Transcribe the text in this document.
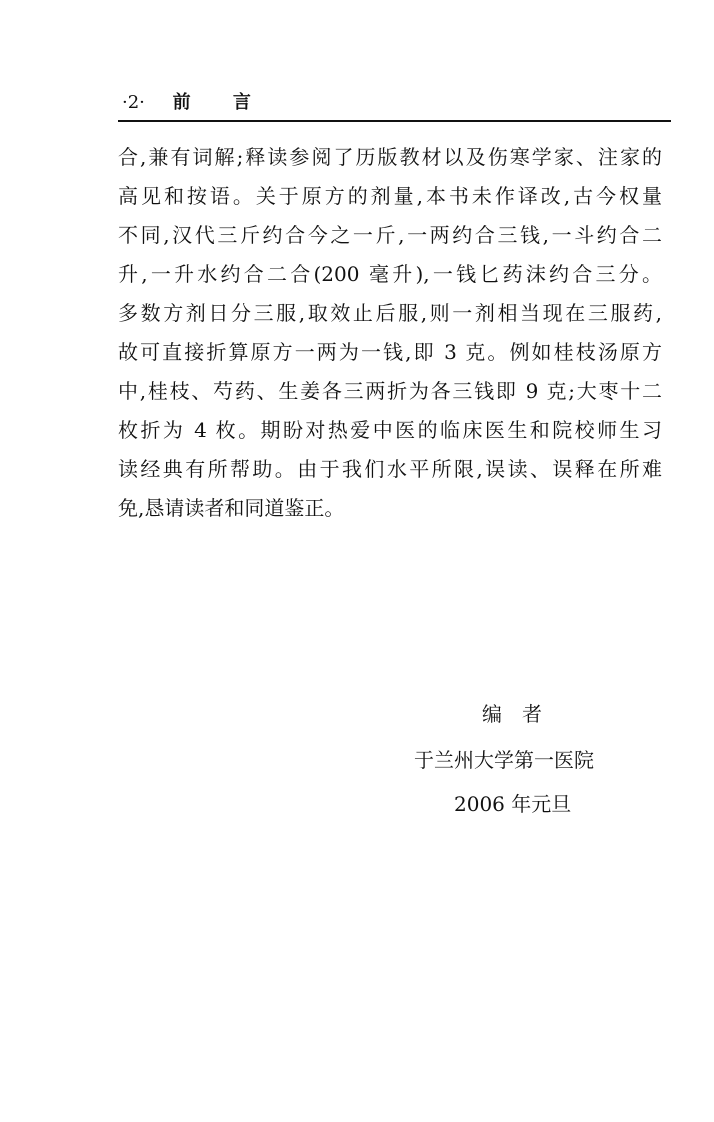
·2· 前 言
合,兼有词解;释读参阅了历版教材以及伤寒学家、注家的
高见和按语。关于原方的剂量,本书未作译改,古今权量
不同,汉代三斤约合今之一斤,一两约合三钱,一斗约合二
升,一升水约合二合(200 毫升),一钱匕药沫约合三分。
多数方剂日分三服,取效止后服,则一剂相当现在三服药,
故可直接折算原方一两为一钱,即 3 克。例如桂枝汤原方
中,桂枝、芍药、生姜各三两折为各三钱即 9 克;大枣十二
枚折为 4 枚。期盼对热爱中医的临床医生和院校师生习
读经典有所帮助。由于我们水平所限,误读、误释在所难
免,恳请读者和同道鉴正。
编　者
于兰州大学第一医院
2006 年元旦
